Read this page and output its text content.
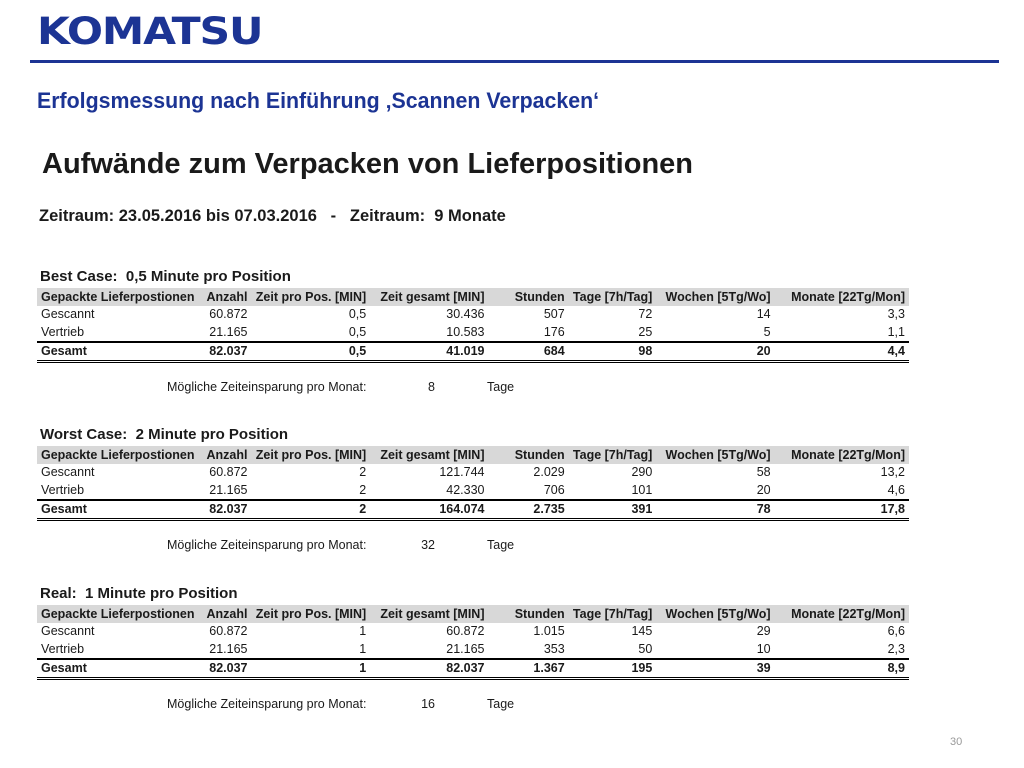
KOMATSU
Erfolgsmessung nach Einführung ‚Scannen Verpacken‘
Aufwände zum Verpacken von Lieferpositionen
Zeitraum: 23.05.2016 bis 07.03.2016   -   Zeitraum:  9 Monate
Best Case:  0,5 Minute pro Position
Gepackte Lieferpostionen	Anzahl	Zeit pro Pos. [MIN]	Zeit gesamt [MIN]	Stunden	Tage [7h/Tag]	Wochen [5Tg/Wo]	Monate [22Tg/Mon]
Gescannt	60.872	0,5	30.436	507	72	14	3,3
Vertrieb	21.165	0,5	10.583	176	25	5	1,1
Gesamt	82.037	0,5	41.019	684	98	20	4,4
Mögliche Zeiteinsparung pro Monat:	8	Tage
Worst Case:  2 Minute pro Position
Gepackte Lieferpostionen	Anzahl	Zeit pro Pos. [MIN]	Zeit gesamt [MIN]	Stunden	Tage [7h/Tag]	Wochen [5Tg/Wo]	Monate [22Tg/Mon]
Gescannt	60.872	2	121.744	2.029	290	58	13,2
Vertrieb	21.165	2	42.330	706	101	20	4,6
Gesamt	82.037	2	164.074	2.735	391	78	17,8
Mögliche Zeiteinsparung pro Monat:	32	Tage
Real:  1 Minute pro Position
Gepackte Lieferpostionen	Anzahl	Zeit pro Pos. [MIN]	Zeit gesamt [MIN]	Stunden	Tage [7h/Tag]	Wochen [5Tg/Wo]	Monate [22Tg/Mon]
Gescannt	60.872	1	60.872	1.015	145	29	6,6
Vertrieb	21.165	1	21.165	353	50	10	2,3
Gesamt	82.037	1	82.037	1.367	195	39	8,9
Mögliche Zeiteinsparung pro Monat:	16	Tage
30
